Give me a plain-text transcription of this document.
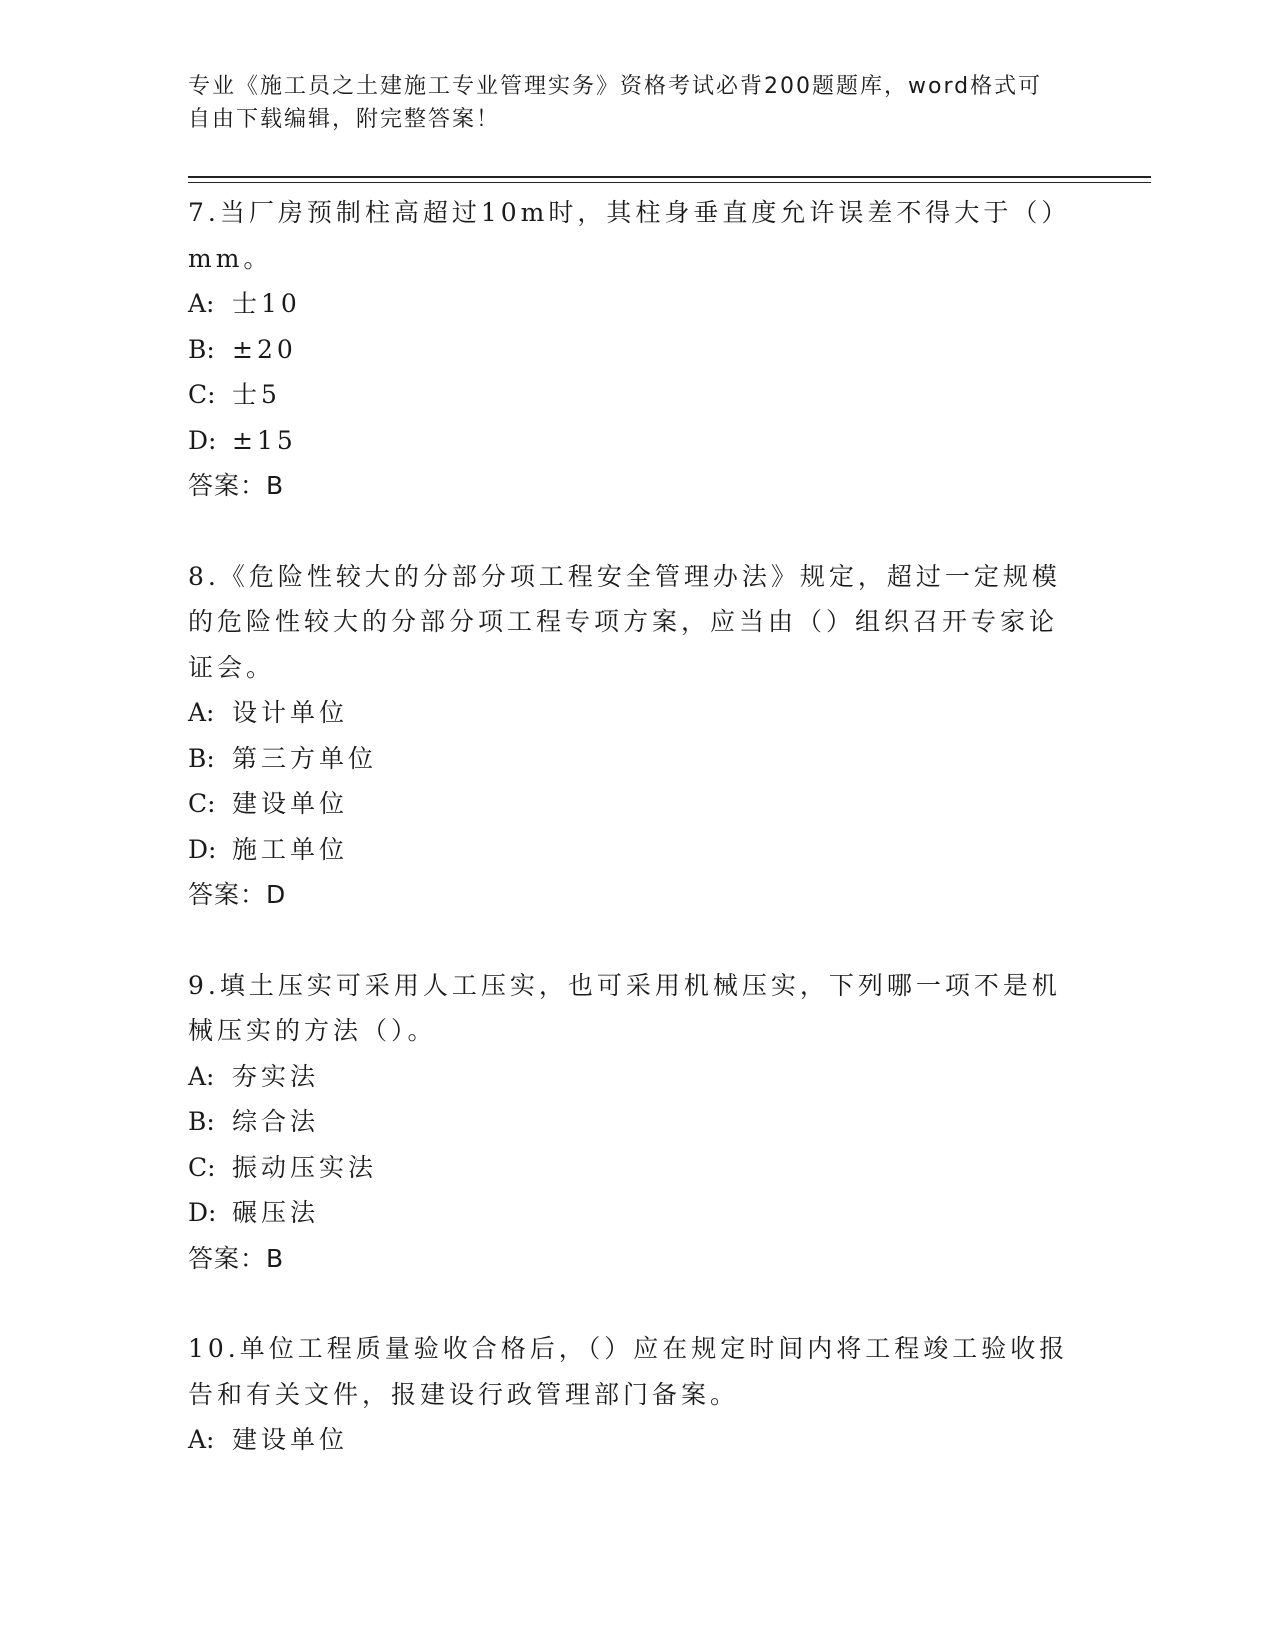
专业《施工员之土建施工专业管理实务》资格考试必背200题题库，word格式可
自由下载编辑，附完整答案！
7.当厂房预制柱高超过10m时，其柱身垂直度允许误差不得大于（）
mm。
A: 士10
B: ±20
C: 士5
D: ±15
答案：B
8.《危险性较大的分部分项工程安全管理办法》规定，超过一定规模
的危险性较大的分部分项工程专项方案，应当由（）组织召开专家论
证会。
A: 设计单位
B: 第三方单位
C: 建设单位
D: 施工单位
答案：D
9.填土压实可采用人工压实，也可采用机械压实，下列哪一项不是机
械压实的方法（）。
A: 夯实法
B: 综合法
C: 振动压实法
D: 碾压法
答案：B
10.单位工程质量验收合格后，（）应在规定时间内将工程竣工验收报
告和有关文件，报建设行政管理部门备案。
A: 建设单位
